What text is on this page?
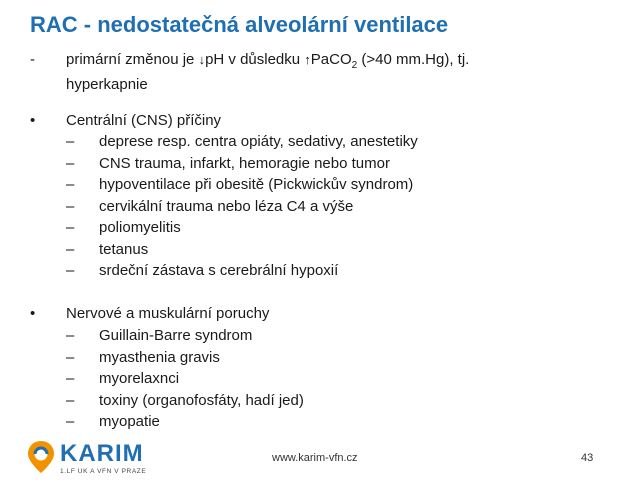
RAC - nedostatečná alveolární ventilace
-	primární změnou je ↓pH v důsledku ↑PaCO$_2$ (>40 mm.Hg), tj.
hyperkapnie
•	Centrální (CNS) příčiny
–	deprese resp. centra opiáty, sedativy, anestetiky
–	CNS trauma, infarkt, hemoragie nebo tumor
–	hypoventilace při obesitě (Pickwickův syndrom)
–	cervikální trauma nebo léza C4 a výše
–	poliomyelitis
–	tetanus
–	srdeční zástava s cerebrální hypoxií
•	Nervové a muskulární poruchy
–	Guillain-Barre syndrom
–	myasthenia gravis
–	myorelaxnci
–	toxiny (organofosfáty, hadí jed)
–	myopatie
KARIM
1.LF UK A VFN V PRAZE
www.karim-vfn.cz	43
